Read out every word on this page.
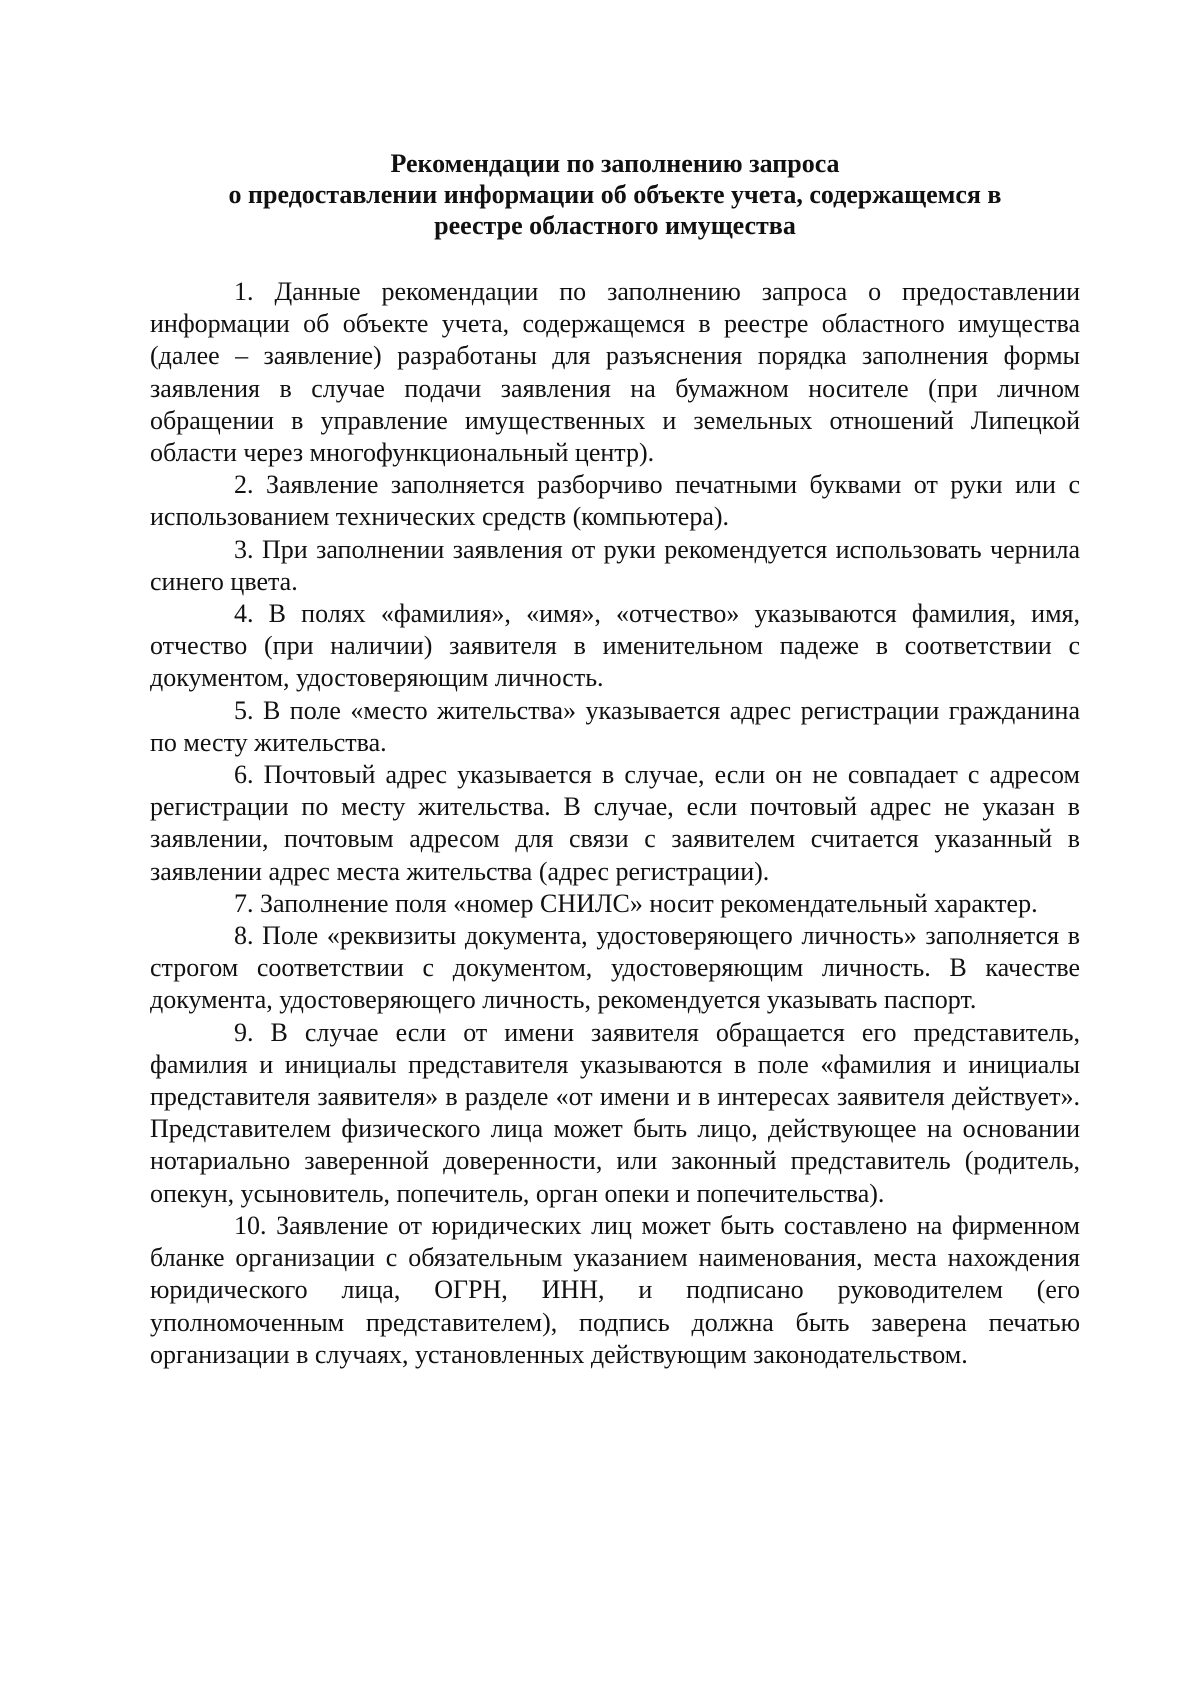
Рекомендации по заполнению запроса
о предоставлении информации об объекте учета, содержащемся в
реестре областного имущества

1. Данные рекомендации по заполнению запроса о предоставлении информации об объекте учета, содержащемся в реестре областного имущества (далее – заявление) разработаны для разъяснения порядка заполнения формы заявления в случае подачи заявления на бумажном носителе (при личном обращении в управление имущественных и земельных отношений Липецкой области через многофункциональный центр).

2. Заявление заполняется разборчиво печатными буквами от руки или с использованием технических средств (компьютера).

3. При заполнении заявления от руки рекомендуется использовать чернила синего цвета.

4. В полях «фамилия», «имя», «отчество» указываются фамилия, имя, отчество (при наличии) заявителя в именительном падеже в соответствии с документом, удостоверяющим личность.

5. В поле «место жительства» указывается адрес регистрации гражданина по месту жительства.

6. Почтовый адрес указывается в случае, если он не совпадает с адресом регистрации по месту жительства. В случае, если почтовый адрес не указан в заявлении, почтовым адресом для связи с заявителем считается указанный в заявлении адрес места жительства (адрес регистрации).

7. Заполнение поля «номер СНИЛС» носит рекомендательный характер.

8. Поле «реквизиты документа, удостоверяющего личность» заполняется в строгом соответствии с документом, удостоверяющим личность. В качестве документа, удостоверяющего личность, рекомендуется указывать паспорт.

9. В случае если от имени заявителя обращается его представитель, фамилия и инициалы представителя указываются в поле «фамилия и инициалы представителя заявителя» в разделе «от имени и в интересах заявителя действует». Представителем физического лица может быть лицо, действующее на основании нотариально заверенной доверенности, или законный представитель (родитель, опекун, усыновитель, попечитель, орган опеки и попечительства).

10. Заявление от юридических лиц может быть составлено на фирменном бланке организации с обязательным указанием наименования, места нахождения юридического лица, ОГРН, ИНН, и подписано руководителем (его уполномоченным представителем), подпись должна быть заверена печатью организации в случаях, установленных действующим законодательством.
